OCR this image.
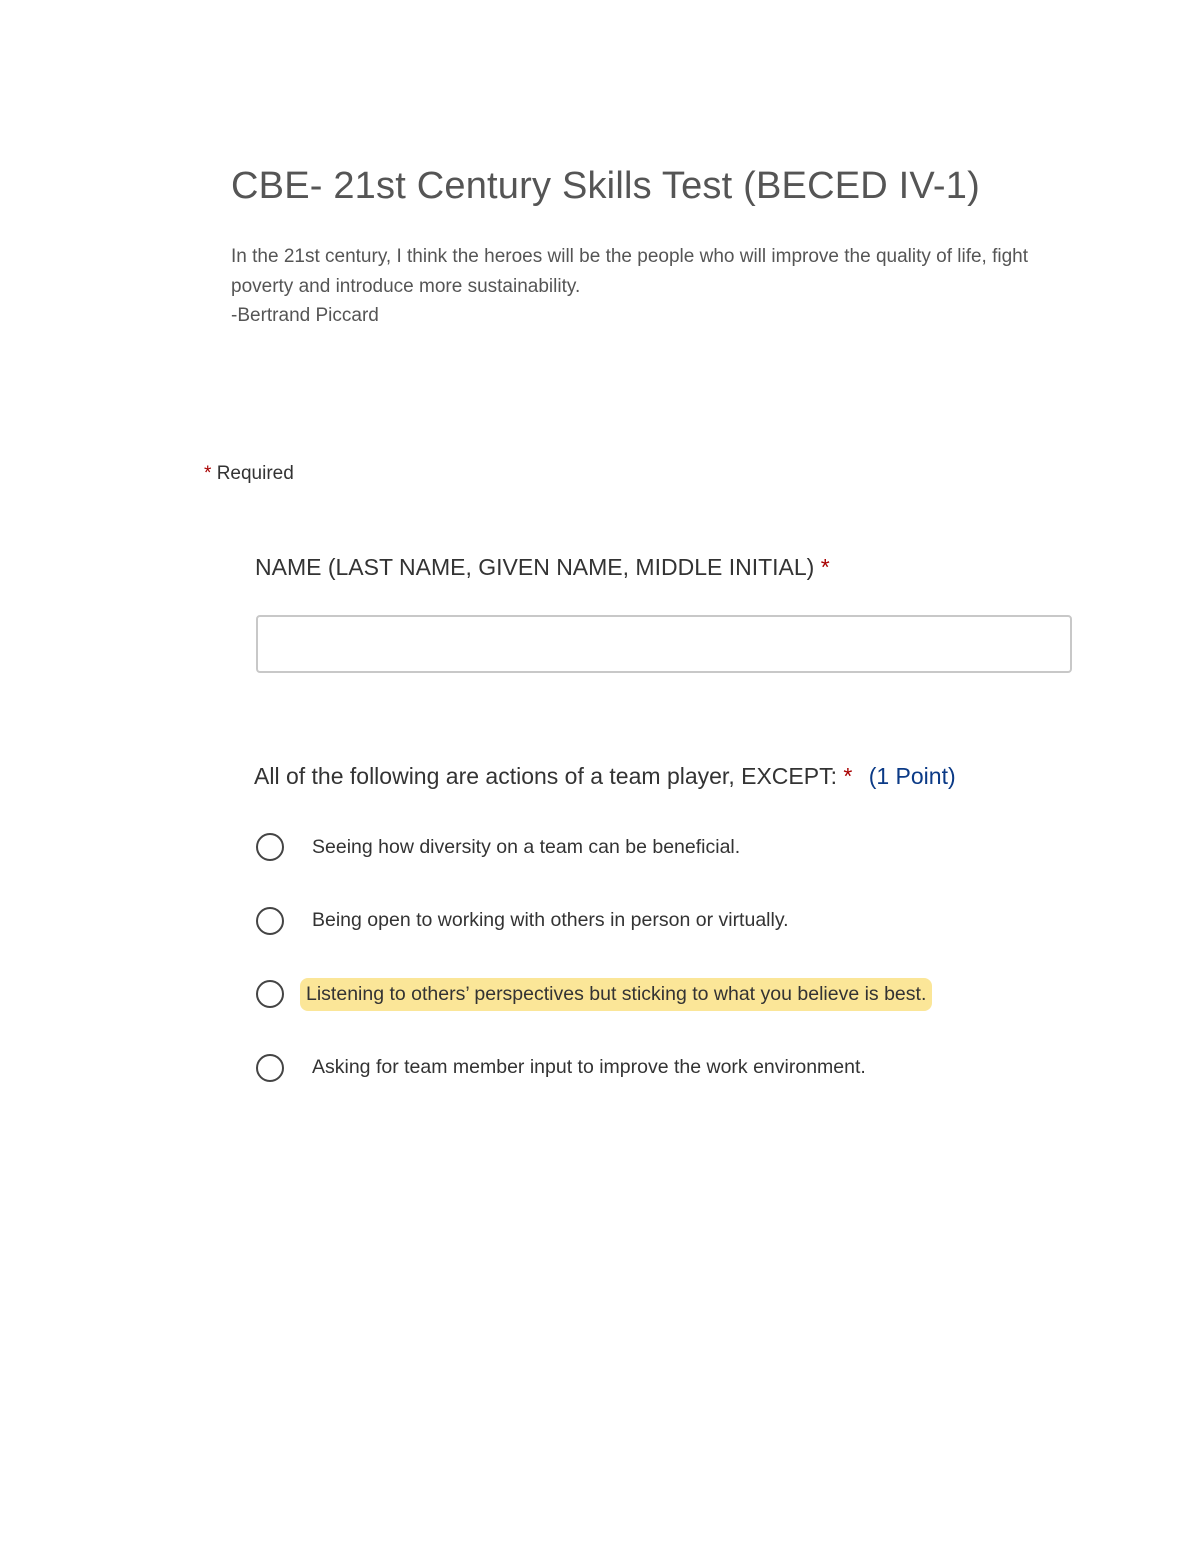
CBE- 21st Century Skills Test (BECED IV-1)

In the 21st century, I think the heroes will be the people who will improve the quality of life, fight poverty and introduce more sustainability.

-Bertrand Piccard

* Required
NAME (LAST NAME, GIVEN NAME, MIDDLE INITIAL) *
All of the following are actions of a team player, EXCEPT: * (1 Point)
Seeing how diversity on a team can be beneficial.
Being open to working with others in person or virtually.
Listening to others’ perspectives but sticking to what you believe is best.
Asking for team member input to improve the work environment.
